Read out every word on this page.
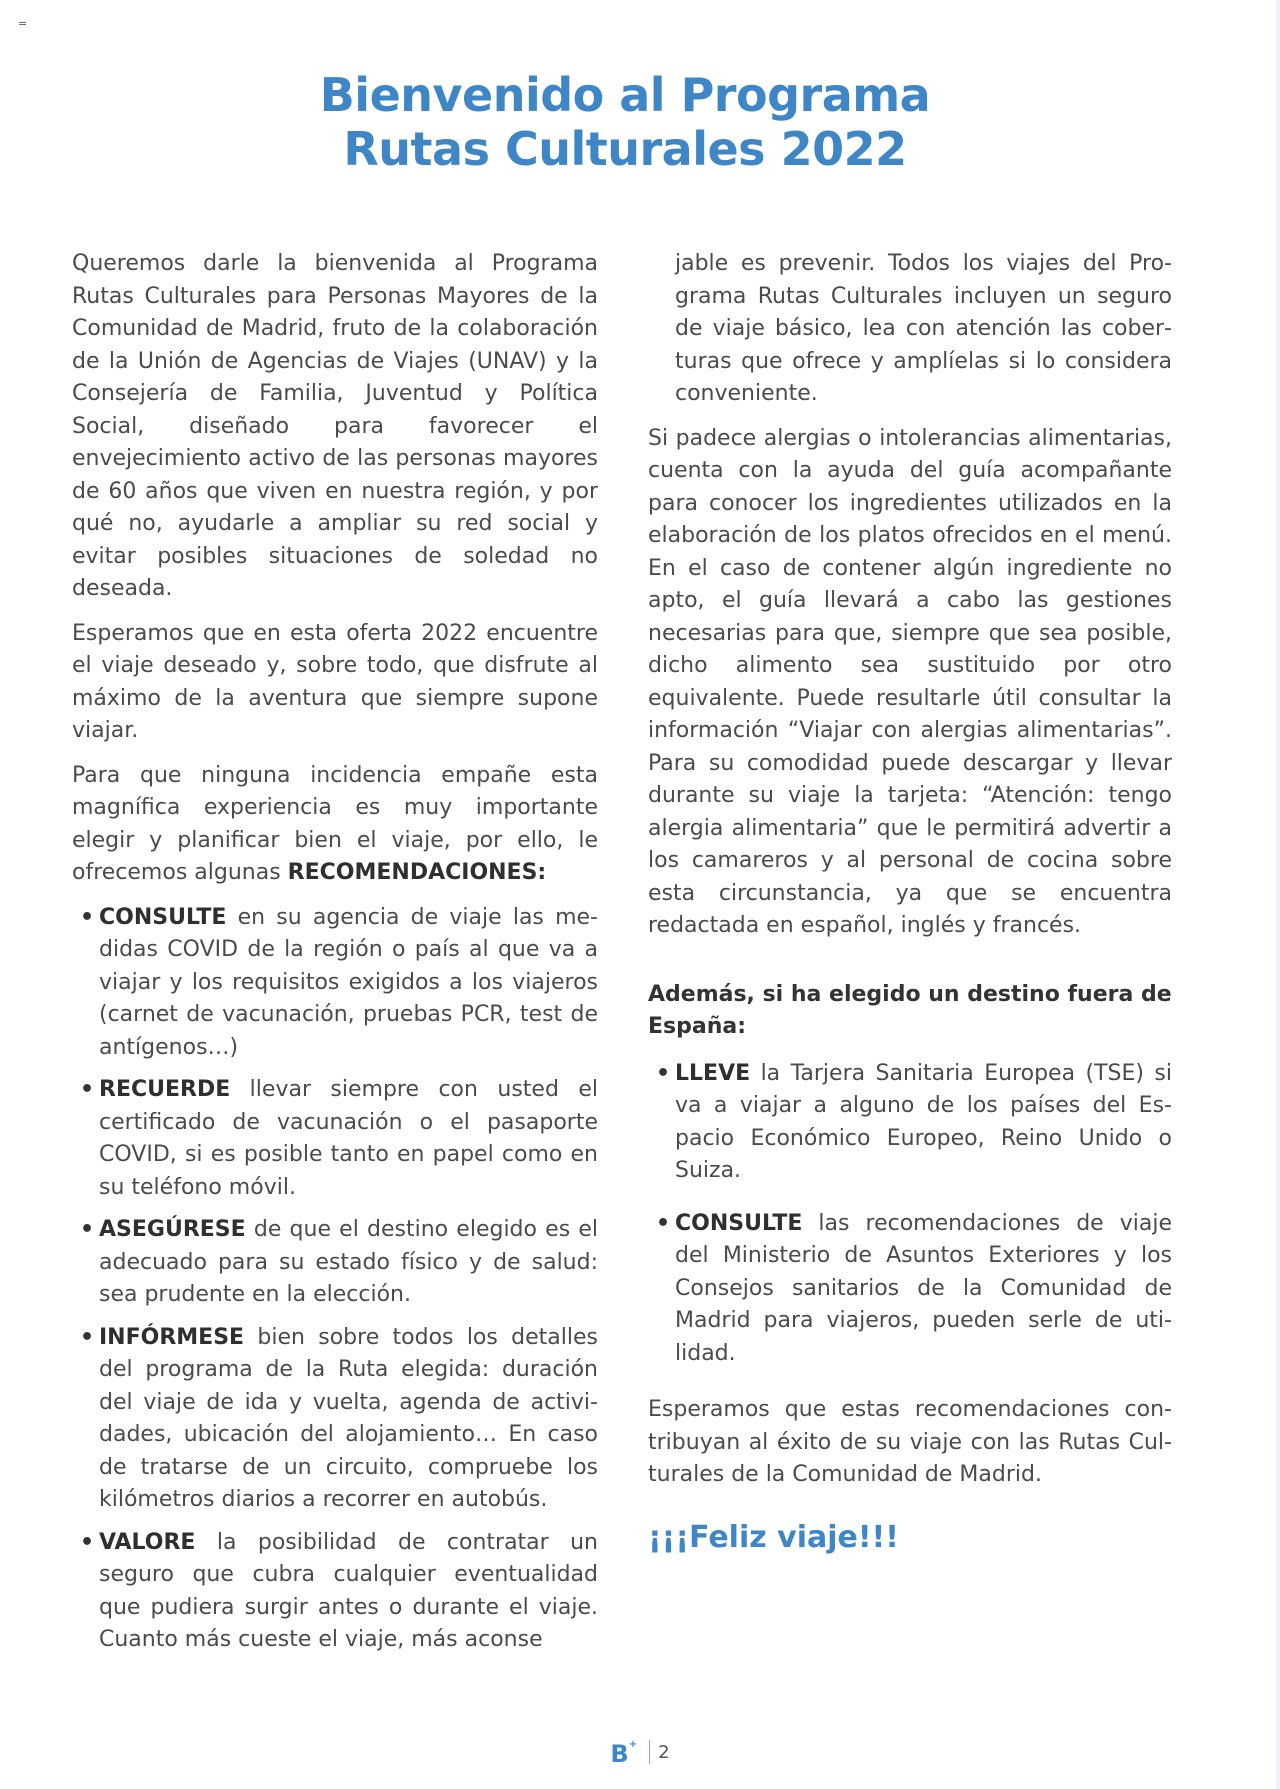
=
Bienvenido al Programa
Rutas Culturales 2022

Queremos darle la bienvenida al Programa Rutas Culturales para Personas Mayores de la Comunidad de Madrid, fruto de la colaboración de la Unión de Agencias de Viajes (UNAV) y la Consejería de Familia, Juventud y Política Social, diseñado para favorecer el envejecimiento activo de las personas mayores de 60 años que viven en nuestra región, y por qué no, ayudarle a ampliar su red social y evitar posibles situaciones de soledad no deseada.

Esperamos que en esta oferta 2022 encuentre el viaje deseado y, sobre todo, que disfrute al máximo de la aventura que siempre supone viajar.

Para que ninguna incidencia empañe esta magnífica experiencia es muy importante elegir y planificar bien el viaje, por ello, le ofrecemos algunas RECOMENDACIONES:

• CONSULTE en su agencia de viaje las medidas COVID de la región o país al que va a viajar y los requisitos exigidos a los viajeros (carnet de vacunación, pruebas PCR, test de antígenos…)
• RECUERDE llevar siempre con usted el certificado de vacunación o el pasaporte COVID, si es posible tanto en papel como en su teléfono móvil.
• ASEGÚRESE de que el destino elegido es el adecuado para su estado físico y de salud: sea prudente en la elección.
• INFÓRMESE bien sobre todos los detalles del programa de la Ruta elegida: duración del viaje de ida y vuelta, agenda de actividades, ubicación del alojamiento… En caso de tratarse de un circuito, compruebe los kilómetros diarios a recorrer en autobús.
• VALORE la posibilidad de contratar un seguro que cubra cualquier eventualidad que pudiera surgir antes o durante el viaje. Cuanto más cueste el viaje, más aconse

jable es prevenir. Todos los viajes del Programa Rutas Culturales incluyen un seguro de viaje básico, lea con atención las coberturas que ofrece y amplíelas si lo considera conveniente.

Si padece alergias o intolerancias alimentarias, cuenta con la ayuda del guía acompañante para conocer los ingredientes utilizados en la elaboración de los platos ofrecidos en el menú. En el caso de contener algún ingrediente no apto, el guía llevará a cabo las gestiones necesarias para que, siempre que sea posible, dicho alimento sea sustituido por otro equivalente. Puede resultarle útil consultar la información “Viajar con alergias alimentarias”. Para su comodidad puede descargar y llevar durante su viaje la tarjeta: “Atención: tengo alergia alimentaria” que le permitirá advertir a los camareros y al personal de cocina sobre esta circunstancia, ya que se encuentra redactada en español, inglés y francés.

Además, si ha elegido un destino fuera de España:
• LLEVE la Tarjera Sanitaria Europea (TSE) si va a viajar a alguno de los países del Espacio Económico Europeo, Reino Unido o Suiza.
• CONSULTE las recomendaciones de viaje del Ministerio de Asuntos Exteriores y los Consejos sanitarios de la Comunidad de Madrid para viajeros, pueden serle de utilidad.

Esperamos que estas recomendaciones contribuyan al éxito de su viaje con las Rutas Culturales de la Comunidad de Madrid.

¡¡¡Feliz viaje!!!
B+ 2
